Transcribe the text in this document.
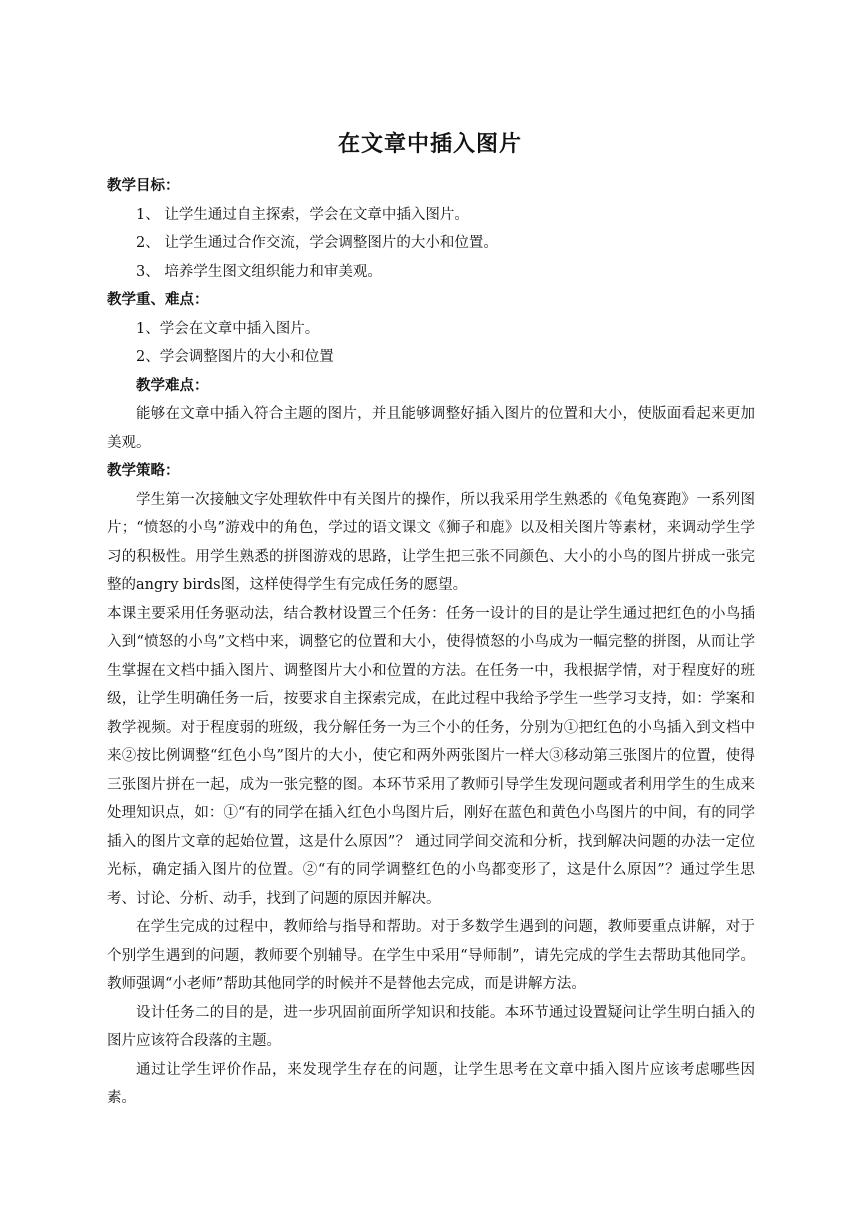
在文章中插入图片

教学目标：

1、 让学生通过自主探索，学会在文章中插入图片。

2、 让学生通过合作交流，学会调整图片的大小和位置。

3、 培养学生图文组织能力和审美观。

教学重、难点：

1、学会在文章中插入图片。

2、学会调整图片的大小和位置

教学难点：

能够在文章中插入符合主题的图片，并且能够调整好插入图片的位置和大小，使版面看起来更加美观。

教学策略：

学生第一次接触文字处理软件中有关图片的操作，所以我采用学生熟悉的《龟兔赛跑》一系列图片；“愤怒的小鸟”游戏中的角色，学过的语文课文《狮子和鹿》以及相关图片等素材，来调动学生学习的积极性。用学生熟悉的拼图游戏的思路，让学生把三张不同颜色、大小的小鸟的图片拼成一张完整的angry birds图，这样使得学生有完成任务的愿望。

本课主要采用任务驱动法，结合教材设置三个任务：任务一设计的目的是让学生通过把红色的小鸟插入到“愤怒的小鸟”文档中来，调整它的位置和大小，使得愤怒的小鸟成为一幅完整的拼图，从而让学生掌握在文档中插入图片、调整图片大小和位置的方法。在任务一中，我根据学情，对于程度好的班级，让学生明确任务一后，按要求自主探索完成，在此过程中我给予学生一些学习支持，如：学案和教学视频。对于程度弱的班级，我分解任务一为三个小的任务，分别为①把红色的小鸟插入到文档中来②按比例调整“红色小鸟”图片的大小，使它和两外两张图片一样大③移动第三张图片的位置，使得三张图片拼在一起，成为一张完整的图。本环节采用了教师引导学生发现问题或者利用学生的生成来处理知识点，如：①“有的同学在插入红色小鸟图片后，刚好在蓝色和黄色小鸟图片的中间，有的同学插入的图片文章的起始位置，这是什么原因”？ 通过同学间交流和分析，找到解决问题的办法一定位光标，确定插入图片的位置。②“有的同学调整红色的小鸟都变形了，这是什么原因”？通过学生思考、讨论、分析、动手，找到了问题的原因并解决。

在学生完成的过程中，教师给与指导和帮助。对于多数学生遇到的问题，教师要重点讲解，对于个别学生遇到的问题，教师要个别辅导。在学生中采用“导师制”，请先完成的学生去帮助其他同学。教师强调“小老师”帮助其他同学的时候并不是替他去完成，而是讲解方法。

设计任务二的目的是，进一步巩固前面所学知识和技能。本环节通过设置疑问让学生明白插入的图片应该符合段落的主题。

通过让学生评价作品，来发现学生存在的问题，让学生思考在文章中插入图片应该考虑哪些因素。
